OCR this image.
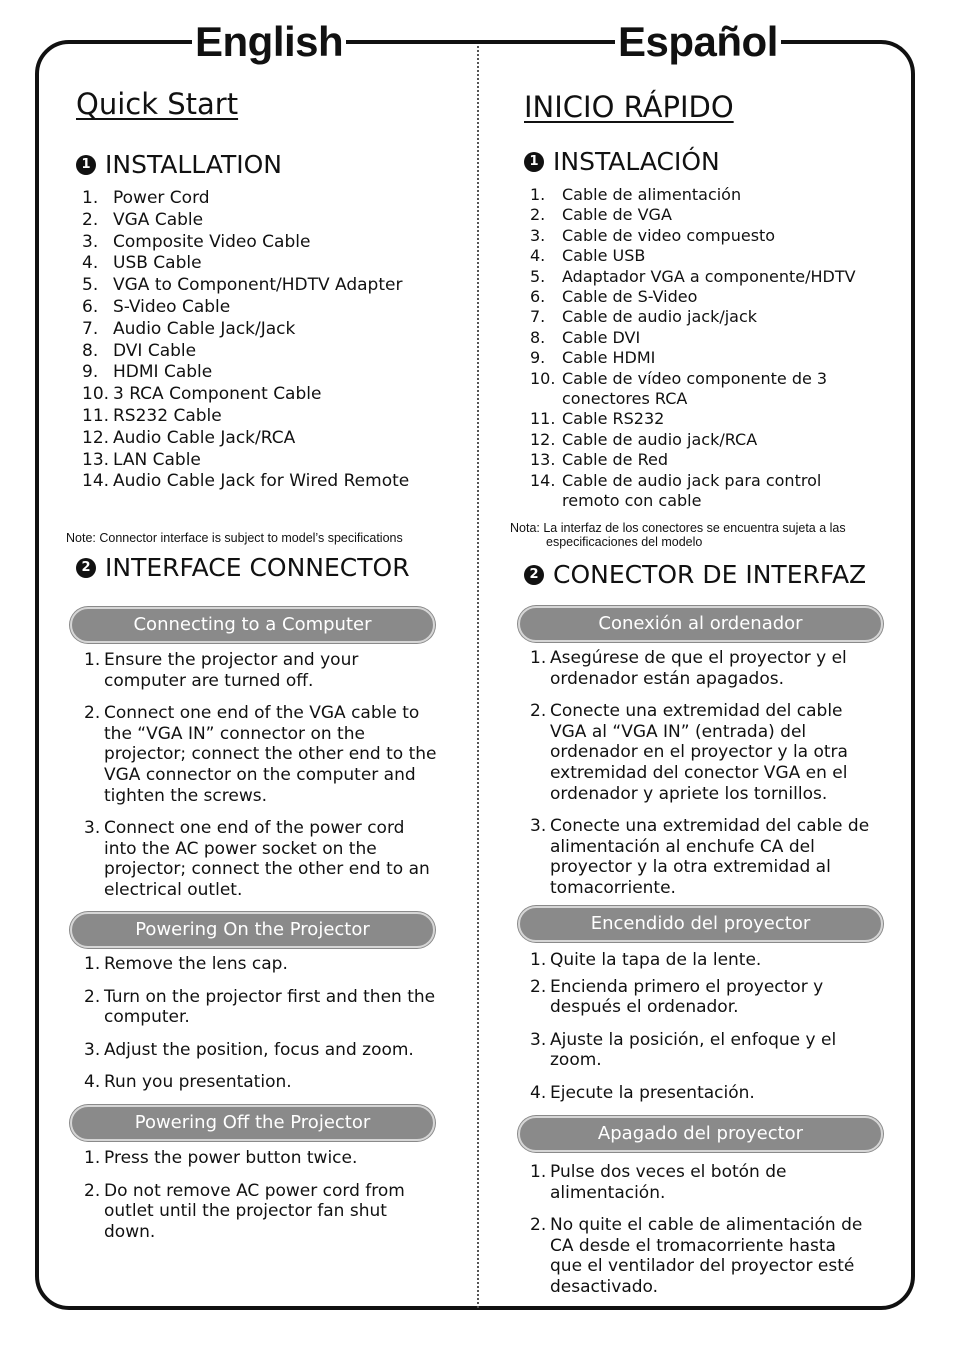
English	Español
Quick Start
1 INSTALLATION
1. Power Cord
2. VGA Cable
3. Composite Video Cable
4. USB Cable
5. VGA to Component/HDTV Adapter
6. S-Video Cable
7. Audio Cable Jack/Jack
8. DVI Cable
9. HDMI Cable
10. 3 RCA Component Cable
11. RS232 Cable
12. Audio Cable Jack/RCA
13. LAN Cable
14. Audio Cable Jack for Wired Remote
Note: Connector interface is subject to model’s specifications
2 INTERFACE CONNECTOR
Connecting to a Computer
1. Ensure the projector and your computer are turned off.
2. Connect one end of the VGA cable to the “VGA IN” connector on the projector; connect the other end to the VGA connector on the computer and tighten the screws.
3. Connect one end of the power cord into the AC power socket on the projector; connect the other end to an electrical outlet.
Powering On the Projector
1. Remove the lens cap.
2. Turn on the projector first and then the computer.
3. Adjust the position, focus and zoom.
4. Run you presentation.
Powering Off the Projector
1. Press the power button twice.
2. Do not remove AC power cord from outlet until the projector fan shut down.
INICIO RÁPIDO
1 INSTALACIÓN
1.	Cable de alimentación
2.	Cable de VGA
3.	Cable de video compuesto
4.	Cable USB
5.	Adaptador VGA a componente/HDTV
6.	Cable de S-Video
7.	Cable de audio jack/jack
8.	Cable DVI
9.	Cable HDMI
10. Cable de vídeo componente de 3 conectores RCA
11. Cable RS232
12. Cable de audio jack/RCA
13. Cable de Red
14. Cable de audio jack para control remoto con cable
Nota: La interfaz de los conectores se encuentra sujeta a las
especificaciones del modelo
2 CONECTOR DE INTERFAZ
Conexión al ordenador
1. Asegúrese de que el proyector y el ordenador están apagados.
2. Conecte una extremidad del cable VGA al “VGA IN” (entrada) del ordenador en el proyector y la otra extremidad del conector VGA en el ordenador y apriete los tornillos.
3. Conecte una extremidad del cable de alimentación al enchufe CA del proyector y la otra extremidad al tomacorriente.
Encendido del proyector
1. Quite la tapa de la lente.
2. Encienda primero el proyector y después el ordenador.
3. Ajuste la posición, el enfoque y el zoom.
4. Ejecute la presentación.
Apagado del proyector
1. Pulse dos veces el botón de alimentación.
2. No quite el cable de alimentación de CA desde el tromacorriente hasta que el ventilador del proyector esté desactivado.
